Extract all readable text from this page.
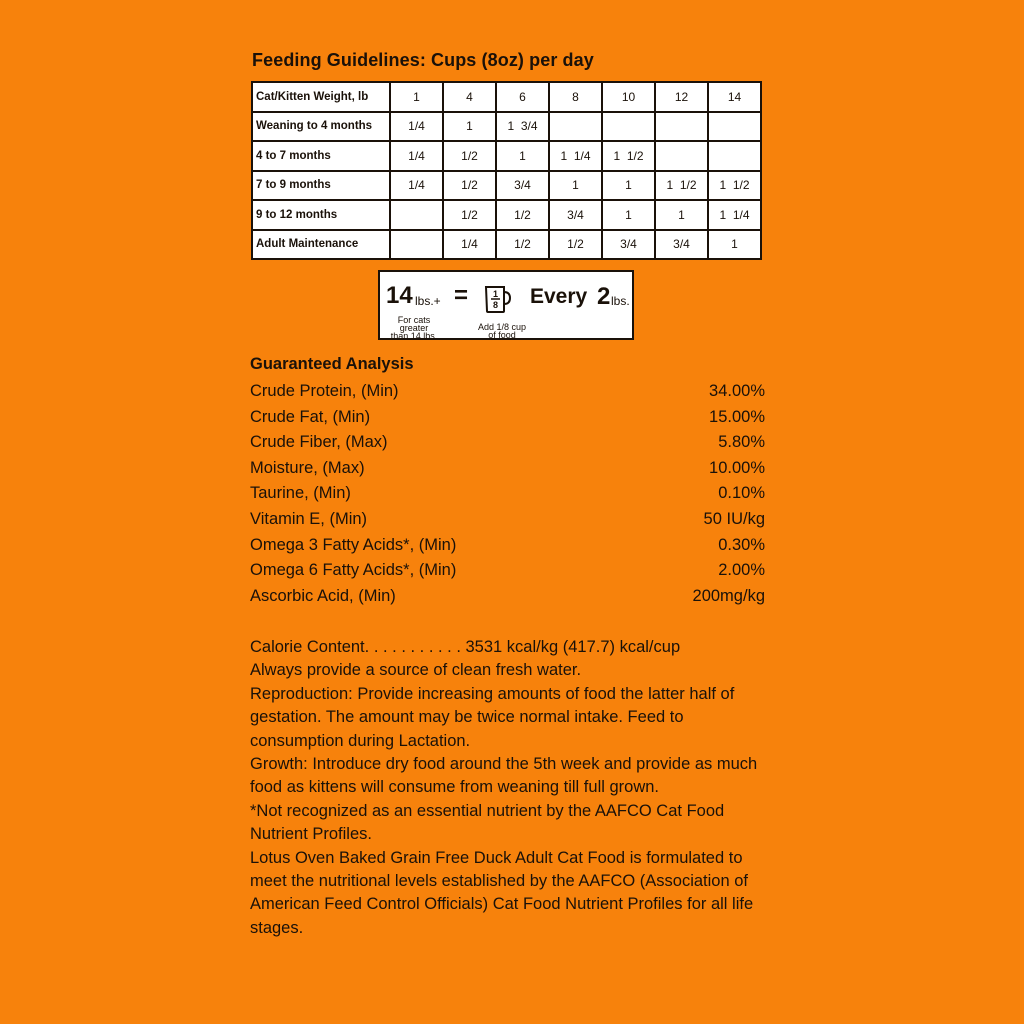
Feeding Guidelines: Cups (8oz) per day
Cat/Kitten Weight, lb	1	4	6	8	10	12	14
Weaning to 4 months	1/4	1	1  3/4				
4 to 7 months	1/4	1/2	1	1  1/4	1  1/2		
7 to 9 months	1/4	1/2	3/4	1	1	1  1/2	1  1/2
9 to 12 months		1/2	1/2	3/4	1	1	1  1/4
Adult Maintenance		1/4	1/2	1/2	3/4	3/4	1
14 lbs.+ =	1
8 Every 2 lbs.
For cats
greater
than 14 lbs.
Add 1/8 cup
of food
Guaranteed Analysis
Crude Protein, (Min)	34.00%
Crude Fat, (Min)	15.00%
Crude Fiber, (Max)	5.80%
Moisture, (Max)	10.00%
Taurine, (Min)	0.10%
Vitamin E, (Min)	50 IU/kg
Omega 3 Fatty Acids*, (Min)	0.30%
Omega 6 Fatty Acids*, (Min)	2.00%
Ascorbic Acid, (Min)	200mg/kg

Calorie Content. . . . . . . . . . . 3531 kcal/kg (417.7) kcal/cup

Always provide a source of clean fresh water.

Reproduction: Provide increasing amounts of food the latter half of gestation. The amount may be twice normal intake. Feed to consumption during Lactation.

Growth: Introduce dry food around the 5th week and provide as much food as kittens will consume from weaning till full grown.

*Not recognized as an essential nutrient by the AAFCO Cat Food Nutrient Profiles.

Lotus Oven Baked Grain Free Duck Adult Cat Food is formulated to meet the nutritional levels established by the AAFCO (Association of American Feed Control Officials) Cat Food Nutrient Profiles for all life stages.
